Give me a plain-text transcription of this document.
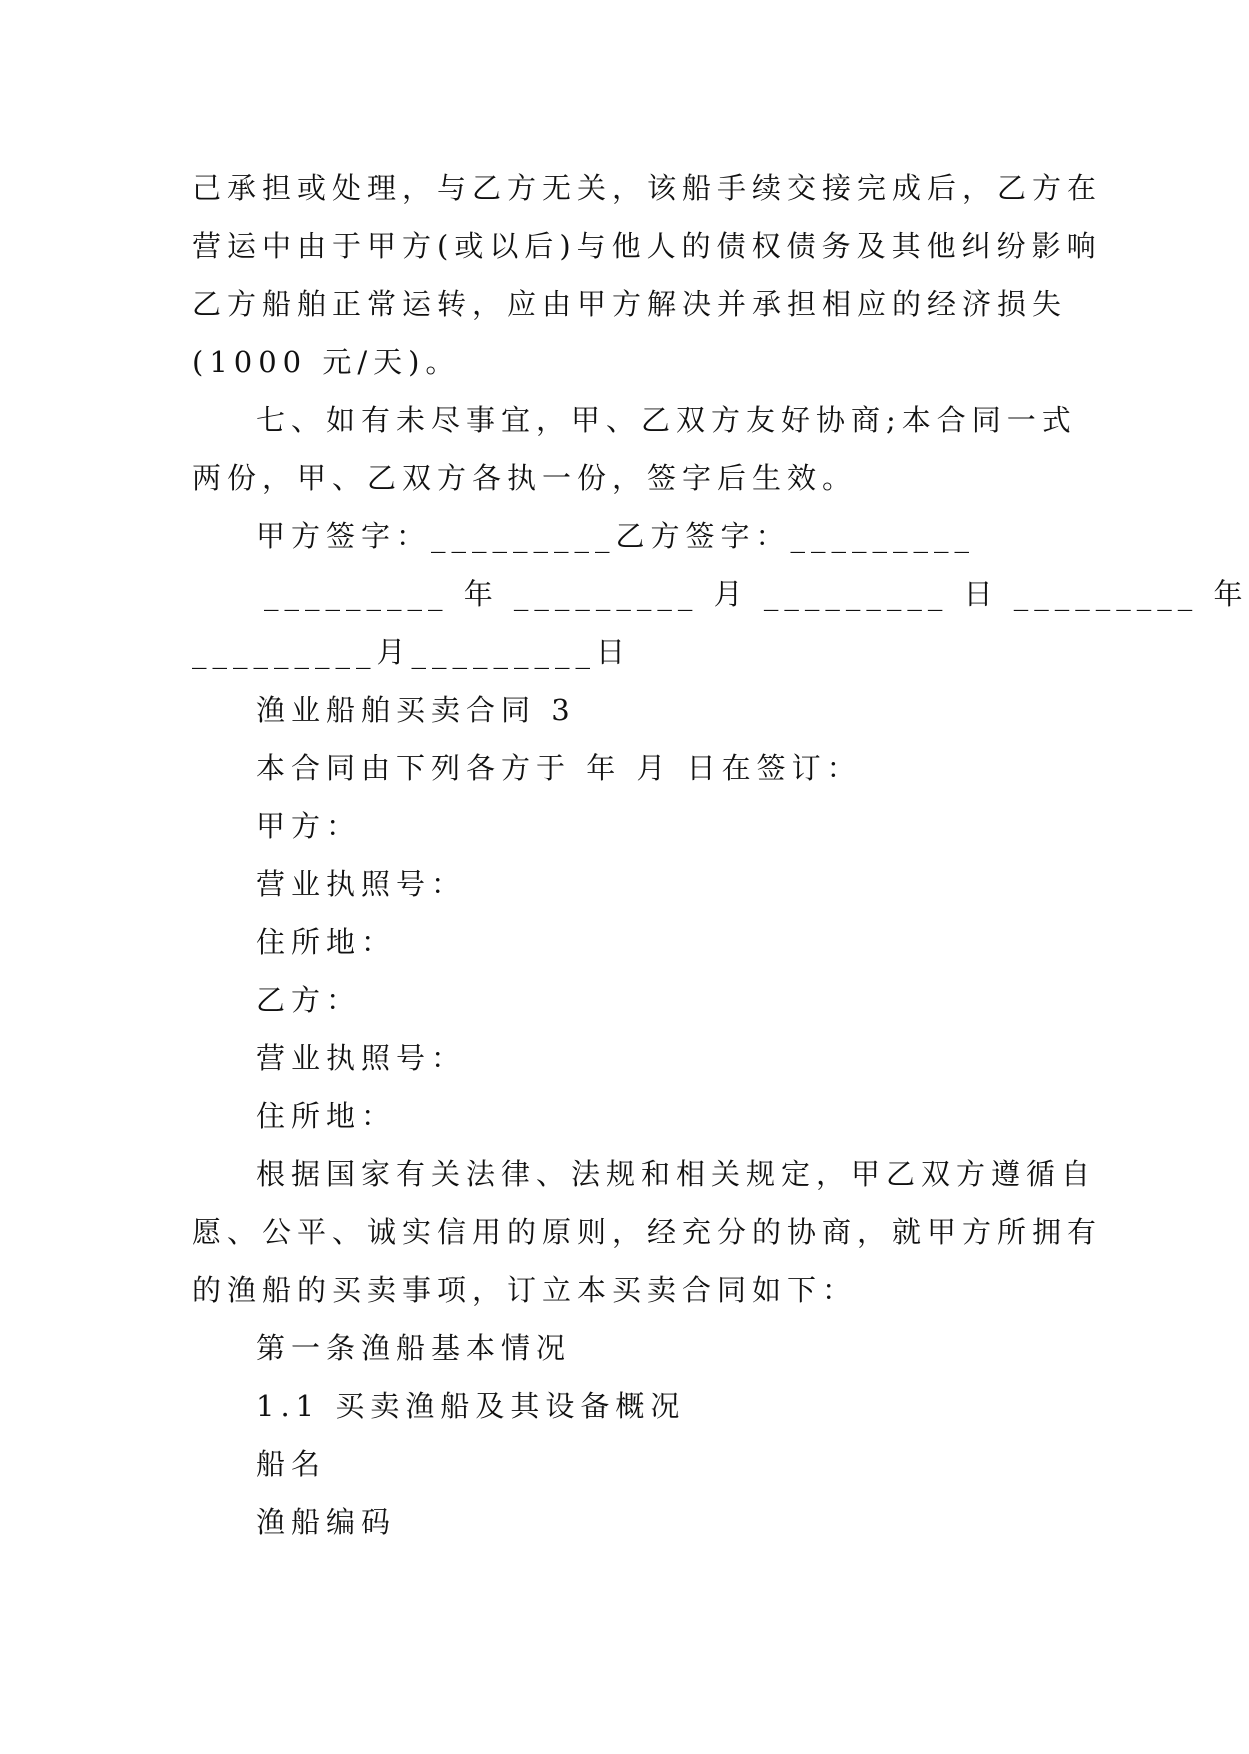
己承担或处理，与乙方无关，该船手续交接完成后，乙方在
营运中由于甲方(或以后)与他人的债权债务及其他纠纷影响
乙方船舶正常运转，应由甲方解决并承担相应的经济损失
(1000 元/天)。
七、如有未尽事宜，甲、乙双方友好协商;本合同一式
两份，甲、乙双方各执一份，签字后生效。
甲方签字：_________乙方签字：_________
_________ 年 _________ 月 _________ 日 _________ 年
_________月_________日
渔业船舶买卖合同 3
本合同由下列各方于 年 月 日在签订：
甲方：
营业执照号：
住所地：
乙方：
营业执照号：
住所地：
根据国家有关法律、法规和相关规定，甲乙双方遵循自
愿、公平、诚实信用的原则，经充分的协商，就甲方所拥有
的渔船的买卖事项，订立本买卖合同如下：
第一条渔船基本情况
1.1 买卖渔船及其设备概况
船名
渔船编码
